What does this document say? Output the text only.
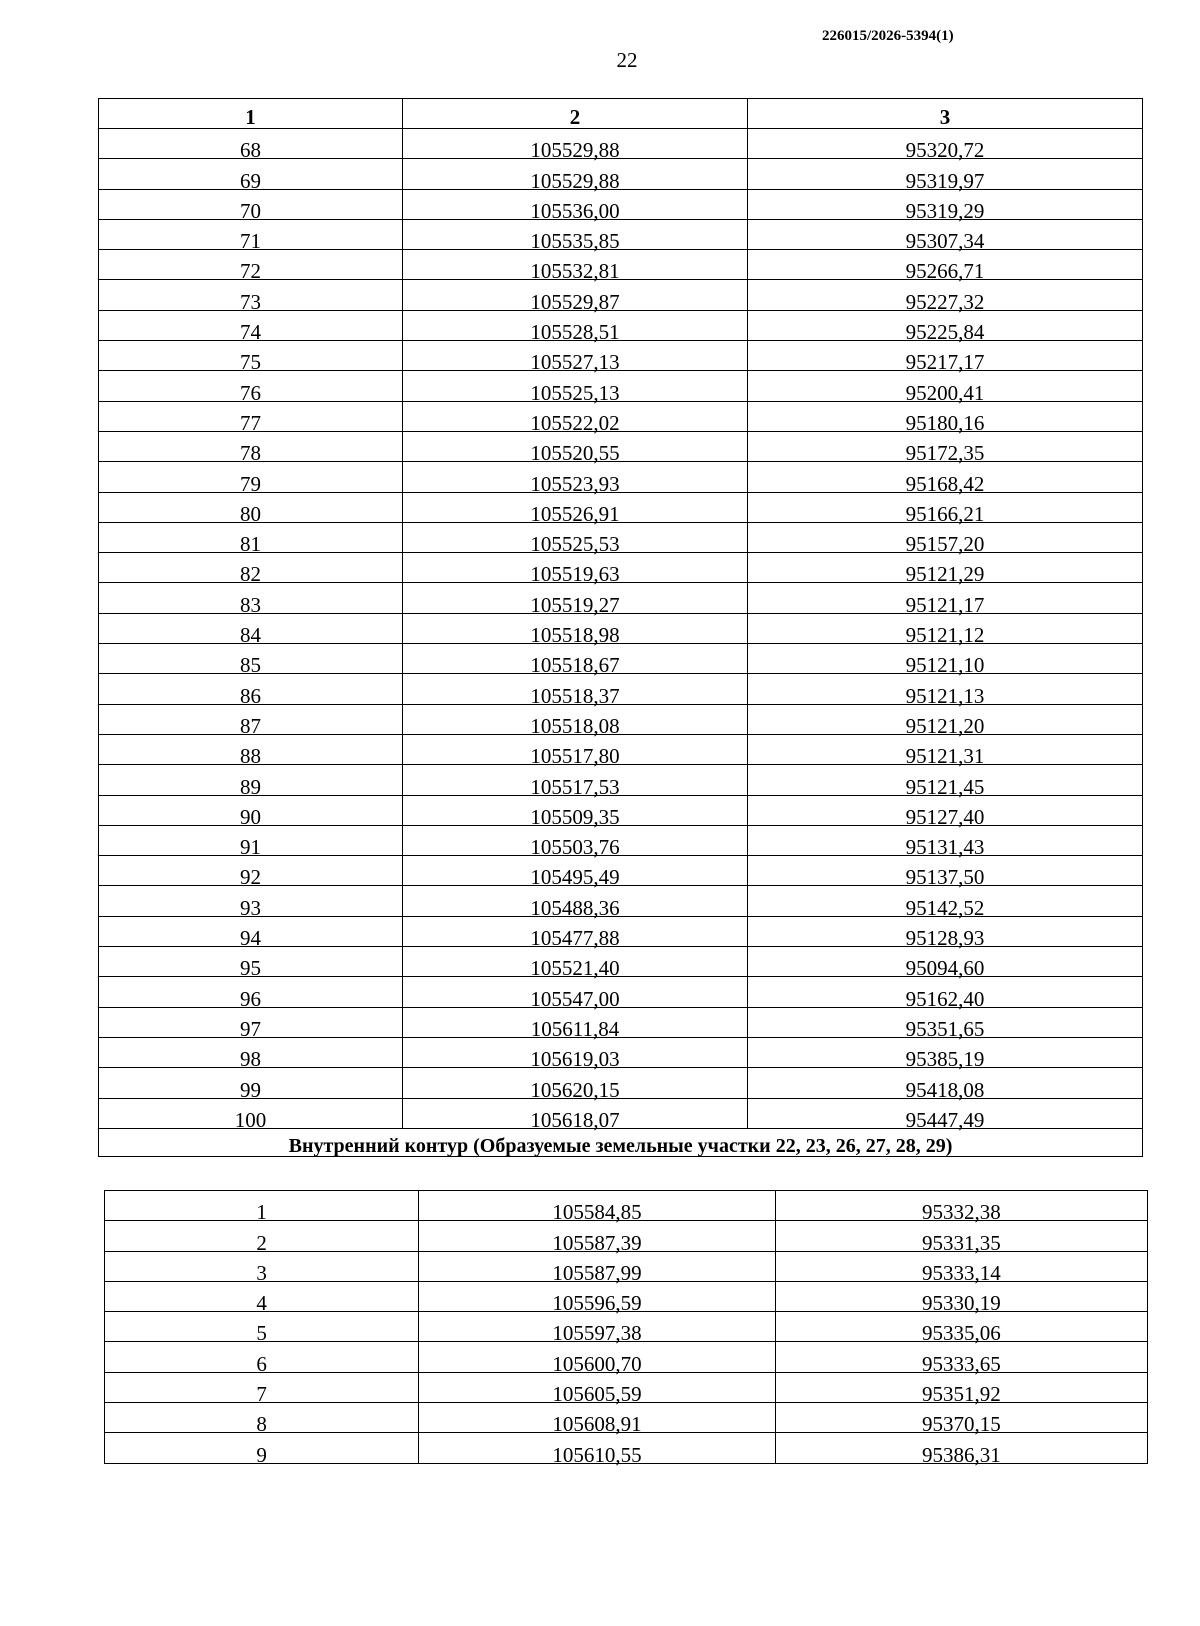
226015/2026-5394(1)
22
1	2	3
68	105529,88	95320,72
69	105529,88	95319,97
70	105536,00	95319,29
71	105535,85	95307,34
72	105532,81	95266,71
73	105529,87	95227,32
74	105528,51	95225,84
75	105527,13	95217,17
76	105525,13	95200,41
77	105522,02	95180,16
78	105520,55	95172,35
79	105523,93	95168,42
80	105526,91	95166,21
81	105525,53	95157,20
82	105519,63	95121,29
83	105519,27	95121,17
84	105518,98	95121,12
85	105518,67	95121,10
86	105518,37	95121,13
87	105518,08	95121,20
88	105517,80	95121,31
89	105517,53	95121,45
90	105509,35	95127,40
91	105503,76	95131,43
92	105495,49	95137,50
93	105488,36	95142,52
94	105477,88	95128,93
95	105521,40	95094,60
96	105547,00	95162,40
97	105611,84	95351,65
98	105619,03	95385,19
99	105620,15	95418,08
100	105618,07	95447,49
Внутренний контур (Образуемые земельные участки 22, 23, 26, 27, 28, 29)		
1	105584,85	95332,38
2	105587,39	95331,35
3	105587,99	95333,14
4	105596,59	95330,19
5	105597,38	95335,06
6	105600,70	95333,65
7	105605,59	95351,92
8	105608,91	95370,15
9	105610,55	95386,31
